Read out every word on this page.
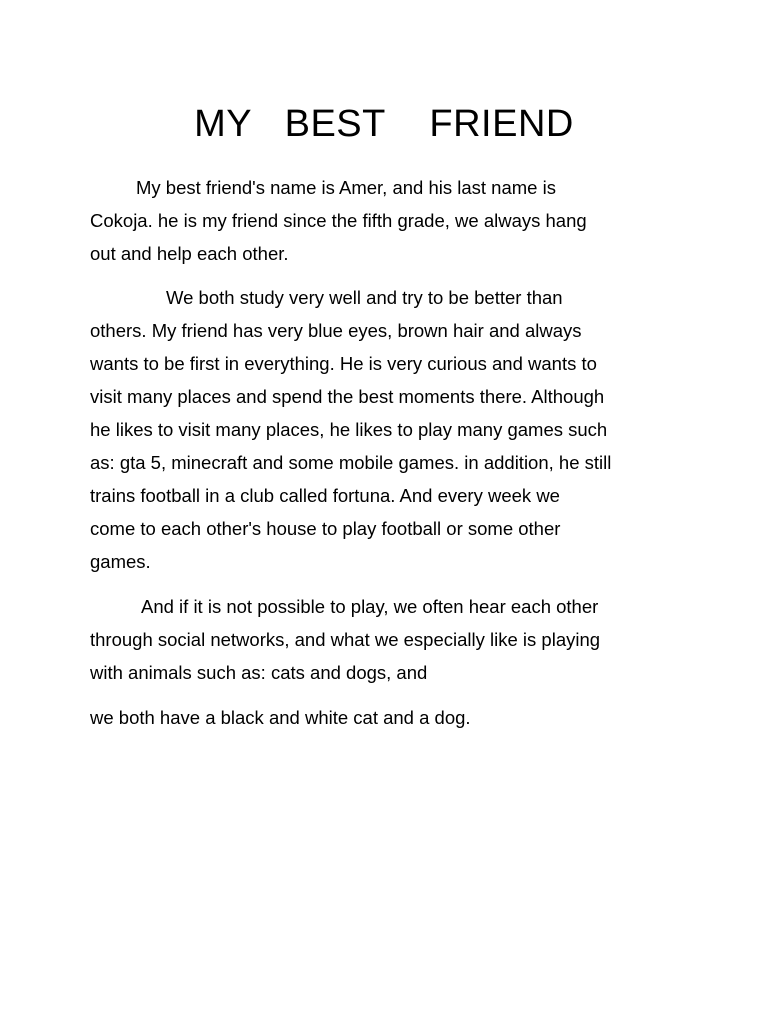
MY   BEST    FRIEND

My best friend's name is Amer, and his last name is
Cokoja. he is my friend since the fifth grade, we always hang
out and help each other.

We both study very well and try to be better than
others. My friend has very blue eyes, brown hair and always
wants to be first in everything. He is very curious and wants to
visit many places and spend the best moments there. Although
he likes to visit many places, he likes to play many games such
as: gta 5, minecraft and some mobile games. in addition, he still
trains football in a club called fortuna. And every week we
come to each other's house to play football or some other
games.

And if it is not possible to play, we often hear each other
through social networks, and what we especially like is playing
with animals such as: cats and dogs, and

we both have a black and white cat and a dog.
